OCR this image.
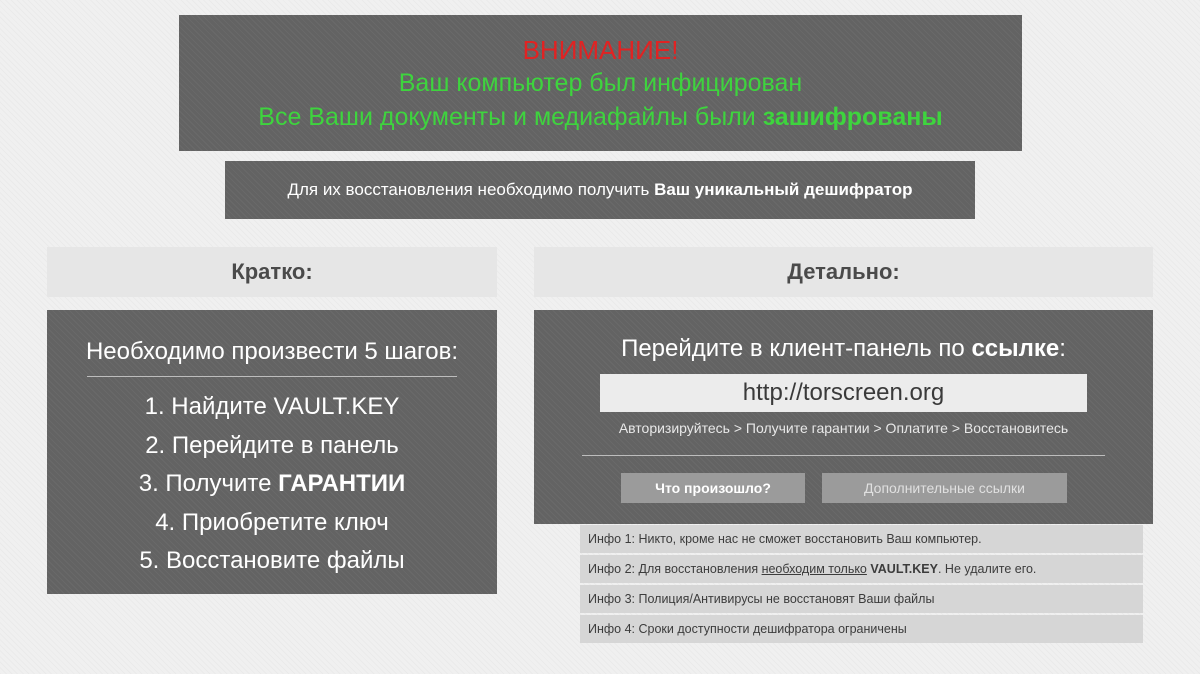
ВНИМАНИЕ!
Ваш компьютер был инфицирован
Все Ваши документы и медиафайлы были зашифрованы
Для их восстановления необходимо получить Ваш уникальный дешифратор
Кратко:	Детально:
Необходимо произвести 5 шагов:
1. Найдите VAULT.KEY
2. Перейдите в панель
3. Получите ГАРАНТИИ
4. Приобретите ключ
5. Восстановите файлы
Перейдите в клиент-панель по ссылке:
http://torscreen.org
Авторизируйтесь > Получите гарантии > Оплатите > Восстановитесь
Что произошло?	Дополнительные ссылки
Инфо 1: Никто, кроме нас не сможет восстановить Ваш компьютер.
Инфо 2: Для восстановления необходим только VAULT.KEY. Не удалите его.
Инфо 3: Полиция/Антивирусы не восстановят Ваши файлы
Инфо 4: Сроки доступности дешифратора ограничены
